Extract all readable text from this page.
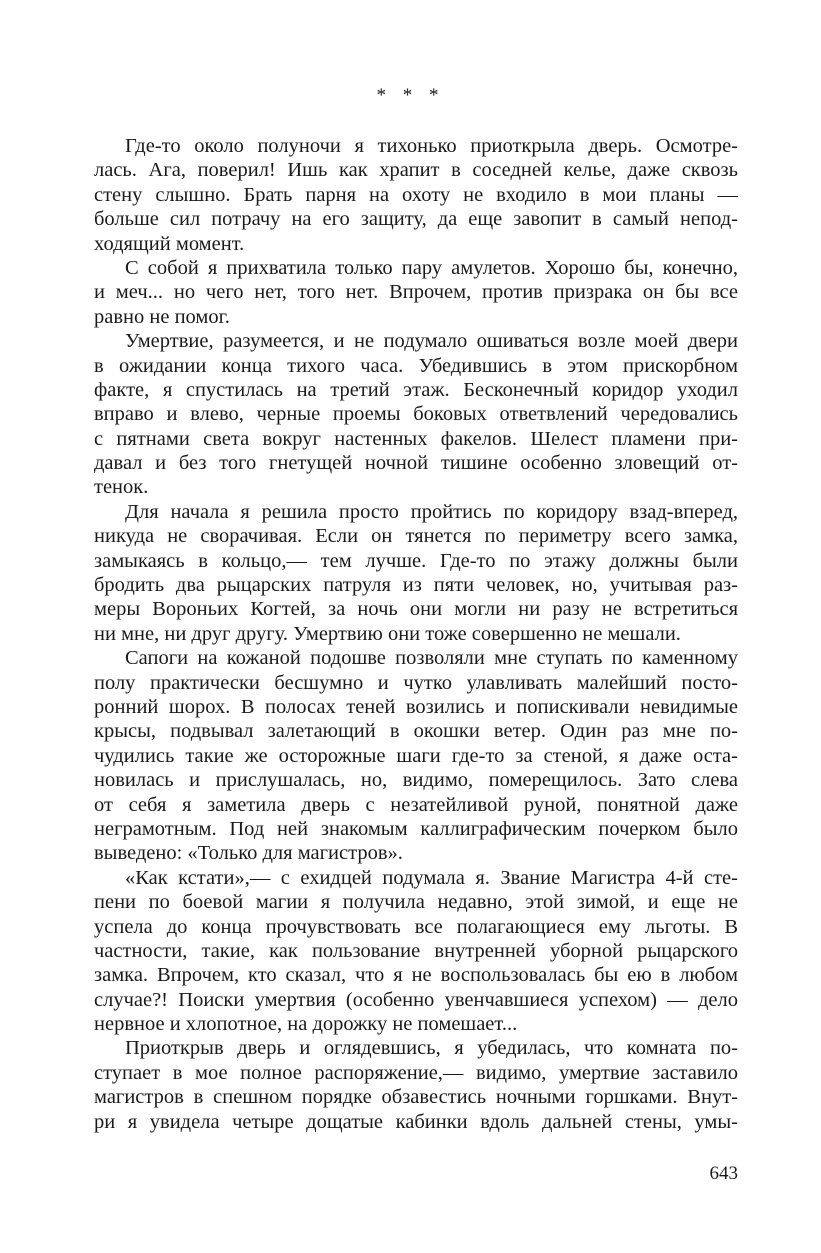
* * *
Где-то около полуночи я тихонько приоткрыла дверь. Осмотре-
лась. Ага, поверил! Ишь как храпит в соседней келье, даже сквозь
стену слышно. Брать парня на охоту не входило в мои планы —
больше сил потрачу на его защиту, да еще завопит в самый непод-
ходящий момент.
С собой я прихватила только пару амулетов. Хорошо бы, конечно,
и меч... но чего нет, того нет. Впрочем, против призрака он бы все
равно не помог.
Умертвие, разумеется, и не подумало ошиваться возле моей двери
в ожидании конца тихого часа. Убедившись в этом прискорбном
факте, я спустилась на третий этаж. Бесконечный коридор уходил
вправо и влево, черные проемы боковых ответвлений чередовались
с пятнами света вокруг настенных факелов. Шелест пламени при-
давал и без того гнетущей ночной тишине особенно зловещий от-
тенок.
Для начала я решила просто пройтись по коридору взад-вперед,
никуда не сворачивая. Если он тянется по периметру всего замка,
замыкаясь в кольцо,— тем лучше. Где-то по этажу должны были
бродить два рыцарских патруля из пяти человек, но, учитывая раз-
меры Вороньих Когтей, за ночь они могли ни разу не встретиться
ни мне, ни друг другу. Умертвию они тоже совершенно не мешали.
Сапоги на кожаной подошве позволяли мне ступать по каменному
полу практически бесшумно и чутко улавливать малейший посто-
ронний шорох. В полосах теней возились и попискивали невидимые
крысы, подвывал залетающий в окошки ветер. Один раз мне по-
чудились такие же осторожные шаги где-то за стеной, я даже оста-
новилась и прислушалась, но, видимо, померещилось. Зато слева
от себя я заметила дверь с незатейливой руной, понятной даже
неграмотным. Под ней знакомым каллиграфическим почерком было
выведено: «Только для магистров».
«Как кстати»,— с ехидцей подумала я. Звание Магистра 4-й сте-
пени по боевой магии я получила недавно, этой зимой, и еще не
успела до конца прочувствовать все полагающиеся ему льготы. В
частности, такие, как пользование внутренней уборной рыцарского
замка. Впрочем, кто сказал, что я не воспользовалась бы ею в любом
случае?! Поиски умертвия (особенно увенчавшиеся успехом) — дело
нервное и хлопотное, на дорожку не помешает...
Приоткрыв дверь и оглядевшись, я убедилась, что комната по-
ступает в мое полное распоряжение,— видимо, умертвие заставило
магистров в спешном порядке обзавестись ночными горшками. Внут-
ри я увидела четыре дощатые кабинки вдоль дальней стены, умы-
643
